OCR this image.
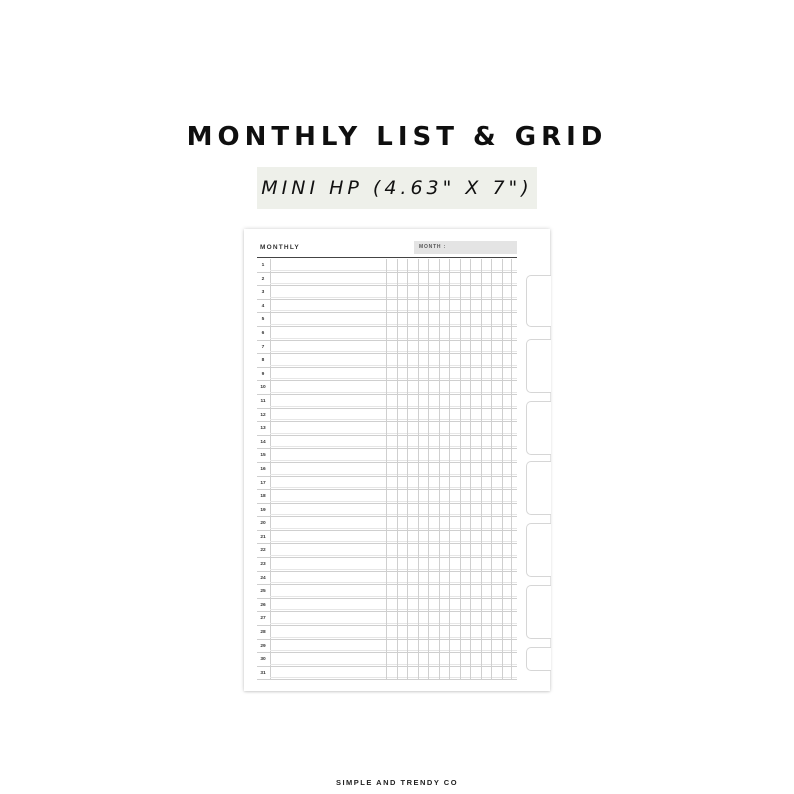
MONTHLY LIST & GRID
MINI HP (4.63" X 7")
MONTHLY	MONTH :
1
2
3
4
5
6
7
8
9
10
11
12
13
14
15
16
17
18
19
20
21
22
23
24
25
26
27
28
29
30
31
SIMPLE AND TRENDY CO
